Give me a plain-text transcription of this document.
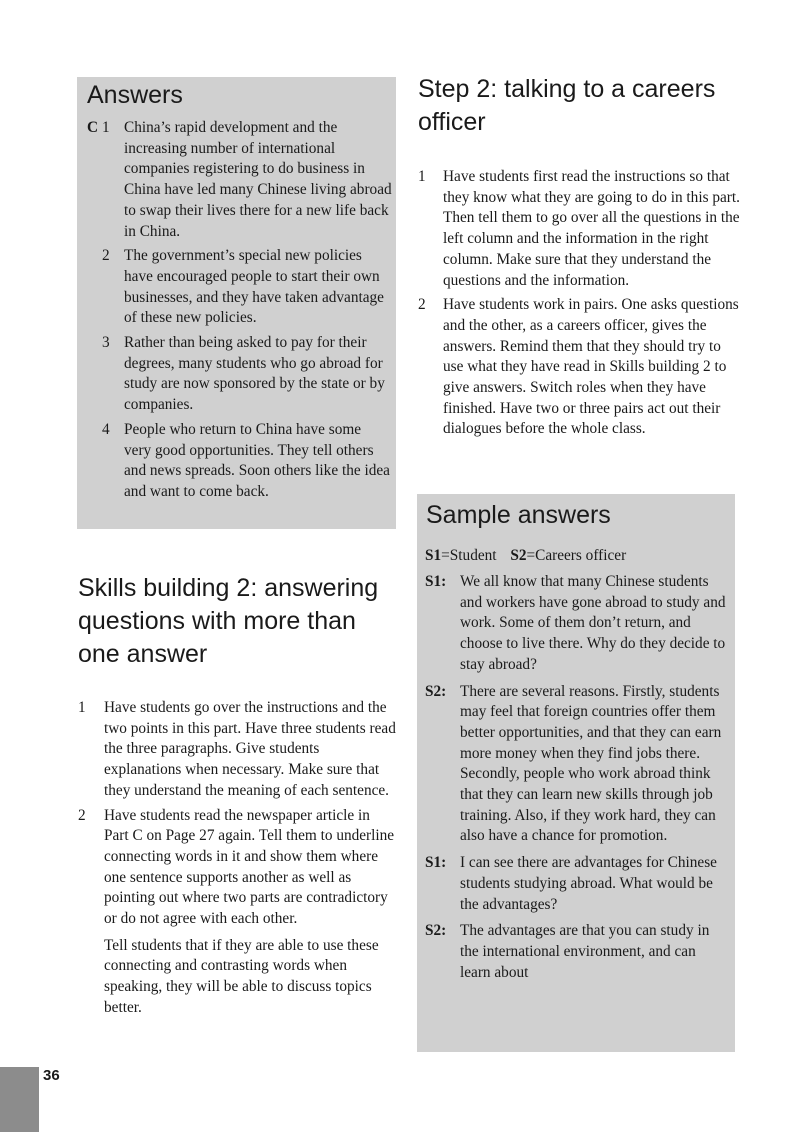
Answers
C 1 China’s rapid development and the increasing number of international companies registering to do business in China have led many Chinese living abroad to swap their lives there for a new life back in China.
2 The government’s special new policies have encouraged people to start their own businesses, and they have taken advantage of these new policies.
3 Rather than being asked to pay for their degrees, many students who go abroad for study are now sponsored by the state or by companies.
4 People who return to China have some very good opportunities. They tell others and news spreads. Soon others like the idea and want to come back.
Skills building 2: answering questions with more than one answer
1 Have students go over the instructions and the two points in this part. Have three students read the three paragraphs. Give students explanations when necessary. Make sure that they understand the meaning of each sentence.
2 Have students read the newspaper article in Part C on Page 27 again. Tell them to underline connecting words in it and show them where one sentence supports another as well as pointing out where two parts are contradictory or do not agree with each other.

Tell students that if they are able to use these connecting and contrasting words when speaking, they will be able to discuss topics better.

Step 2: talking to a careers officer
1 Have students first read the instructions so that they know what they are going to do in this part. Then tell them to go over all the questions in the left column and the information in the right column. Make sure that they understand the questions and the information.
2 Have students work in pairs. One asks questions and the other, as a careers officer, gives the answers. Remind them that they should try to use what they have read in Skills building 2 to give answers. Switch roles when they have finished. Have two or three pairs act out their dialogues before the whole class.
Sample answers
S1=Student S2=Careers officer
S1: We all know that many Chinese students and workers have gone abroad to study and work. Some of them don’t return, and choose to live there. Why do they decide to stay abroad?
S2: There are several reasons. Firstly, students may feel that foreign countries offer them better opportunities, and that they can earn more money when they find jobs there. Secondly, people who work abroad think that they can learn new skills through job training. Also, if they work hard, they can also have a chance for promotion.
S1: I can see there are advantages for Chinese students studying abroad. What would be the advantages?
S2: The advantages are that you can study in the international environment, and can learn about
36
